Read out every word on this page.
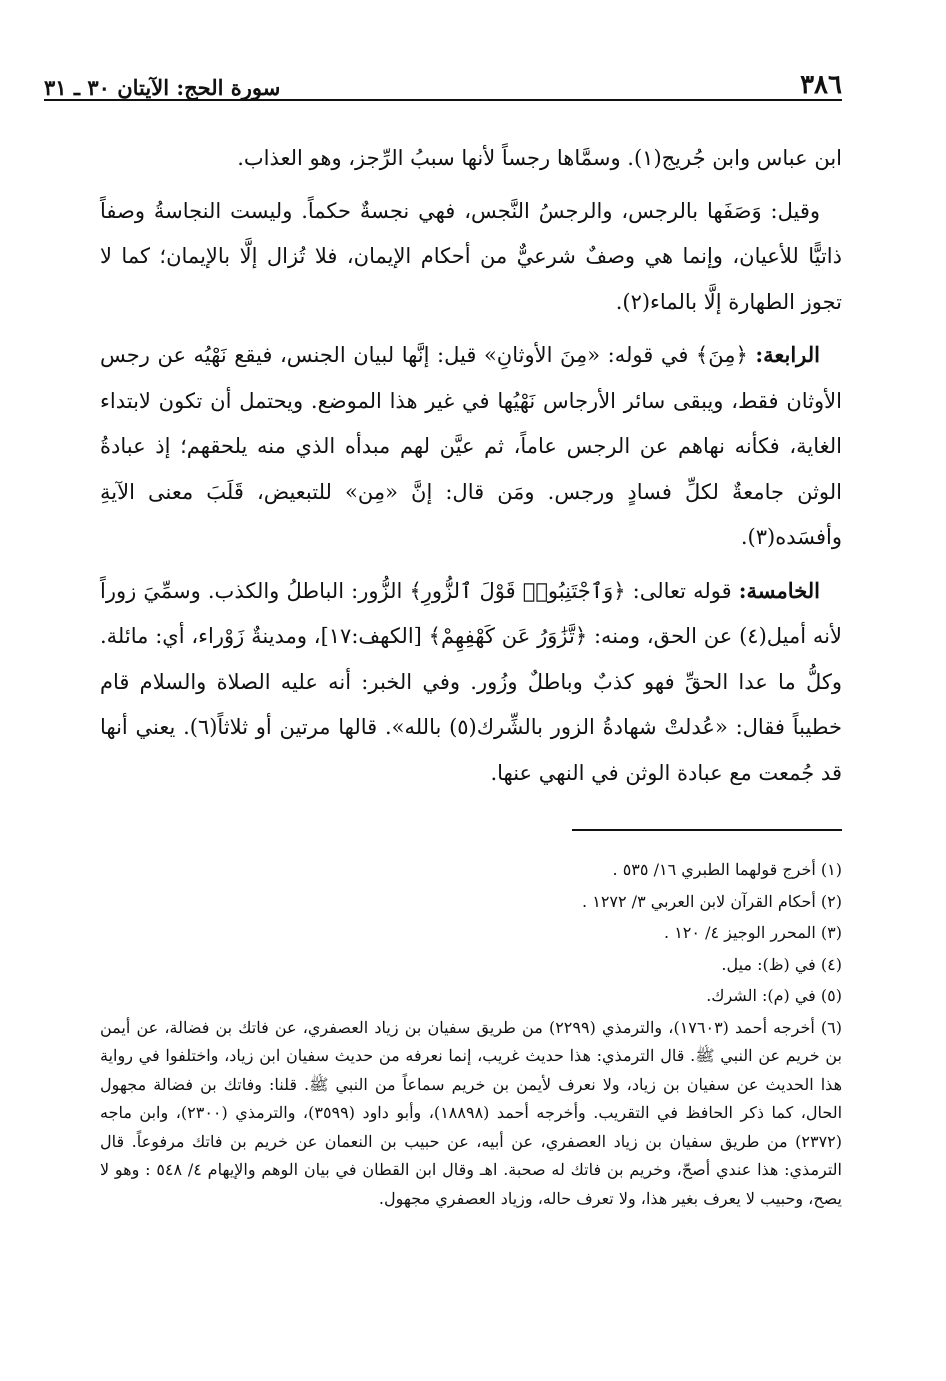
٣٨٦
سورة الحج: الآيتان ٣٠ ـ ٣١

ابن عباس وابن جُريج(١). وسمَّاها رجساً لأنها سببُ الرِّجز، وهو العذاب.

وقيل: وَصَفَها بالرجس، والرجسُ النَّجس، فهي نجسةٌ حكماً. وليست النجاسةُ وصفاً ذاتيًّا للأعيان، وإنما هي وصفٌ شرعيٌّ من أحكام الإيمان، فلا تُزال إلَّا بالإيمان؛ كما لا تجوز الطهارة إلَّا بالماء(٢).

الرابعة: ﴿مِنَ﴾ في قوله: «مِنَ الأوثانِ» قيل: إنَّها لبيان الجنس، فيقع نَهْيُه عن رجس الأوثان فقط، ويبقى سائر الأرجاس نَهْيُها في غير هذا الموضع. ويحتمل أن تكون لابتداء الغاية، فكأنه نهاهم عن الرجس عاماً، ثم عيَّن لهم مبدأه الذي منه يلحقهم؛ إذ عبادةُ الوثن جامعةٌ لكلِّ فسادٍ ورجس. ومَن قال: إنَّ «مِن» للتبعيض، قَلَبَ معنى الآيةِ وأفسَده(٣).

الخامسة: قوله تعالى: ﴿وَٱجْتَنِبُوا۟ قَوْلَ ٱلزُّورِ﴾ الزُّور: الباطلُ والكذب. وسمِّيَ زوراً لأنه أميل(٤) عن الحق، ومنه: ﴿تَّزَٰوَرُ عَن كَهْفِهِمْ﴾ [الكهف:١٧]، ومدينةٌ زَوْراء، أي: مائلة. وكلُّ ما عدا الحقِّ فهو كذبٌ وباطلٌ وزُور. وفي الخبر: أنه عليه الصلاة والسلام قام خطيباً فقال: «عُدلتْ شهادةُ الزور بالشِّرك(٥) بالله». قالها مرتين أو ثلاثاً(٦). يعني أنها قد جُمعت مع عبادة الوثن في النهي عنها.

(١) أخرج قولهما الطبري ١٦/ ٥٣٥ .

(٢) أحكام القرآن لابن العربي ٣/ ١٢٧٢ .

(٣) المحرر الوجيز ٤/ ١٢٠ .

(٤) في (ظ): ميل.

(٥) في (م): الشرك.

(٦) أخرجه أحمد (١٧٦٠٣)، والترمذي (٢٢٩٩) من طريق سفيان بن زياد العصفري، عن فاتك بن فضالة، عن أيمن بن خريم عن النبي ﷺ. قال الترمذي: هذا حديث غريب، إنما نعرفه من حديث سفيان ابن زياد، واختلفوا في رواية هذا الحديث عن سفيان بن زياد، ولا نعرف لأيمن بن خريم سماعاً من النبي ﷺ. قلنا: وفاتك بن فضالة مجهول الحال، كما ذكر الحافظ في التقريب. وأخرجه أحمد (١٨٨٩٨)، وأبو داود (٣٥٩٩)، والترمذي (٢٣٠٠)، وابن ماجه (٢٣٧٢) من طريق سفيان بن زياد العصفري، عن أبيه، عن حبيب بن النعمان عن خريم بن فاتك مرفوعاً. قال الترمذي: هذا عندي أصحّ، وخريم بن فاتك له صحبة. اهـ وقال ابن القطان في بيان الوهم والإيهام ٤/ ٥٤٨ : وهو لا يصح، وحبيب لا يعرف بغير هذا، ولا تعرف حاله، وزياد العصفري مجهول.
